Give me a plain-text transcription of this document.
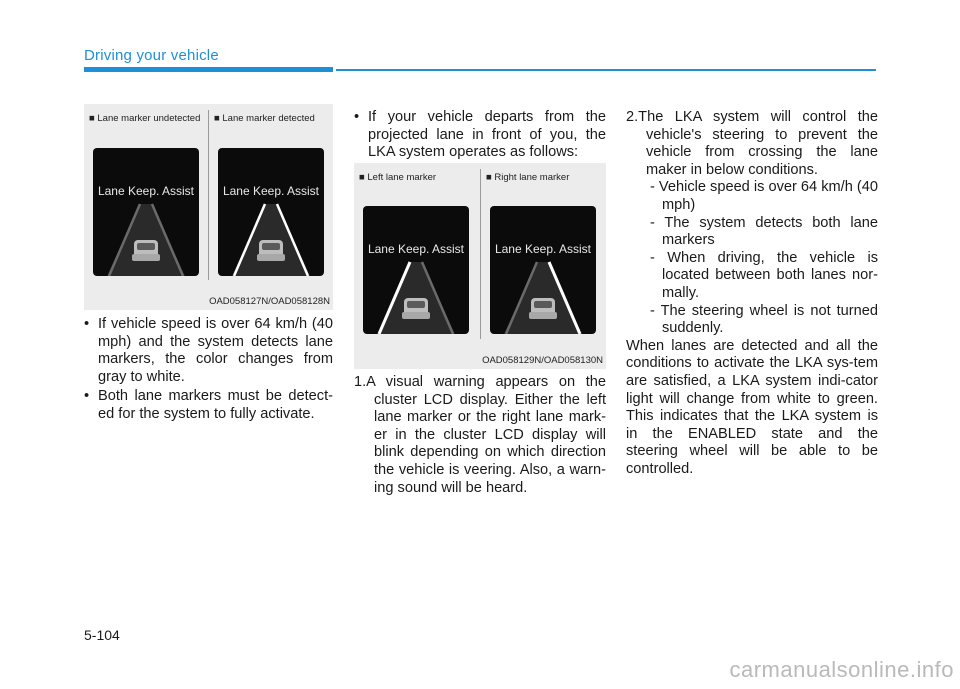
Driving your vehicle
■ Lane marker undetected ■ Lane marker detected
Lane Keep. Assist	Lane Keep. Assist
OAD058127N/OAD058128N
■ Left lane marker	■ Right lane marker
Lane Keep. Assist	Lane Keep. Assist
OAD058129N/OAD058130N

• If vehicle speed is over 64 km/h (40 mph) and the system detects lane markers, the color changes from gray to white.

• Both lane markers must be detect-ed for the system to fully activate.

• If your vehicle departs from the projected lane in front of you, the LKA system operates as follows:

1.A visual warning appears on the cluster LCD display. Either the left lane marker or the right lane mark-er in the cluster LCD display will blink depending on which direction the vehicle is veering. Also, a warn-ing sound will be heard.

2.The LKA system will control the vehicle's steering to prevent the vehicle from crossing the lane maker in below conditions.

- Vehicle speed is over 64 km/h (40 mph)

- The system detects both lane markers

- When driving, the vehicle is located between both lanes nor-mally.

- The steering wheel is not turned suddenly.

When lanes are detected and all the conditions to activate the LKA sys-tem are satisfied, a LKA system indi-cator light will change from white to green. This indicates that the LKA system is in the ENABLED state and the steering wheel will be able to be controlled.

5-104
carmanualsonline.info
